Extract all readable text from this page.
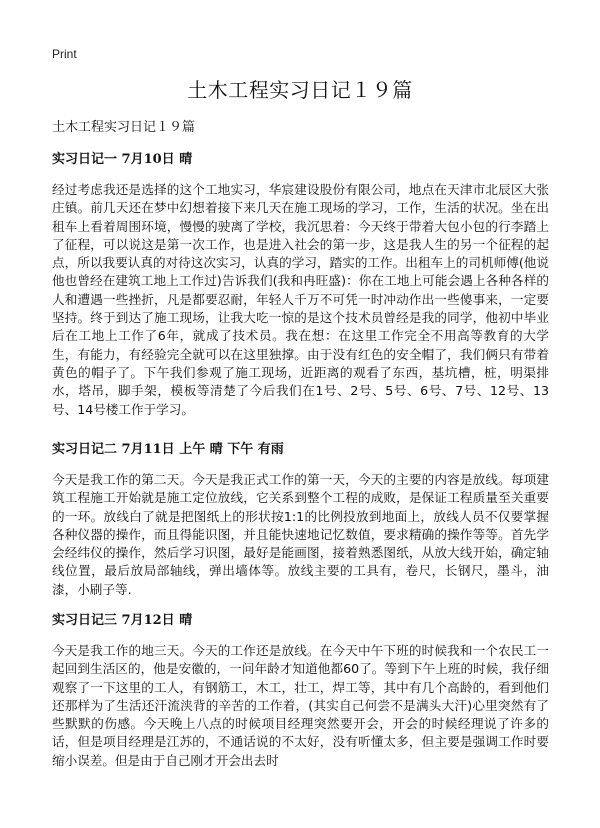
Print
土木工程实习日记１９篇
土木工程实习日记１９篇
实习日记一 7月10日 晴

经过考虑我还是选择的这个工地实习，华宸建设股份有限公司，地点在天津市北辰区大张庄镇。前几天还在梦中幻想着接下来几天在施工现场的学习，工作，生活的状况。坐在出租车上看着周围环境，慢慢的驶离了学校，我沉思着：今天终于带着大包小包的行李踏上了征程，可以说这是第一次工作，也是进入社会的第一步，这是我人生的另一个征程的起点，所以我要认真的对待这次实习，认真的学习，踏实的工作。出租车上的司机师傅(他说他也曾经在建筑工地上工作过)告诉我们(我和冉旺盛)：你在工地上可能会遇上各种各样的人和遭遇一些挫折，凡是都要忍耐，年轻人千万不可凭一时冲动作出一些傻事来，一定要坚持。终于到达了施工现场，让我大吃一惊的是这个技术员曾经是我的同学，他初中毕业后在工地上工作了6年，就成了技术员。我在想：在这里工作完全不用高等教育的大学生，有能力，有经验完全就可以在这里独撑。由于没有红色的安全帽了，我们俩只有带着黄色的帽子了。下午我们参观了施工现场，近距离的观看了东西，基坑槽，桩，明渠排水，塔吊，脚手架，模板等清楚了今后我们在1号、2号、5号、6号、7号、12号、13号、14号楼工作于学习。

实习日记二 7月11日 上午 晴 下午 有雨

今天是我工作的第二天。今天是我正式工作的第一天，今天的主要的内容是放线。每项建筑工程施工开始就是施工定位放线，它关系到整个工程的成败，是保证工程质量至关重要的一环。放线白了就是把图纸上的形状按1:1的比例投放到地面上，放线人员不仅要掌握各种仪器的操作，而且得能识图，并且能快速地记忆数值，要求精确的操作等等。首先学会经纬仪的操作，然后学习识图，最好是能画图，接着熟悉图纸，从放大线开始，确定轴线位置，最后放局部轴线，弹出墙体等。放线主要的工具有，卷尺，长钢尺，墨斗，油漆，小刷子等.

实习日记三 7月12日 晴

今天是我工作的地三天。今天的工作还是放线。在今天中午下班的时候我和一个农民工一起回到生活区的，他是安徽的，一问年龄才知道他都60了。等到下午上班的时候，我仔细观察了一下这里的工人，有钢筋工，木工，壮工，焊工等，其中有几个高龄的，看到他们还那样为了生活还汗流浃背的辛苦的工作着，(其实自己何尝不是满头大汗)心里突然有了些默默的伤感。今天晚上八点的时候项目经理突然要开会，开会的时候经理说了许多的话，但是项目经理是江苏的，不通话说的不太好，没有听懂太多，但主要是强调工作时要缩小误差。但是由于自己刚才开会出去时
